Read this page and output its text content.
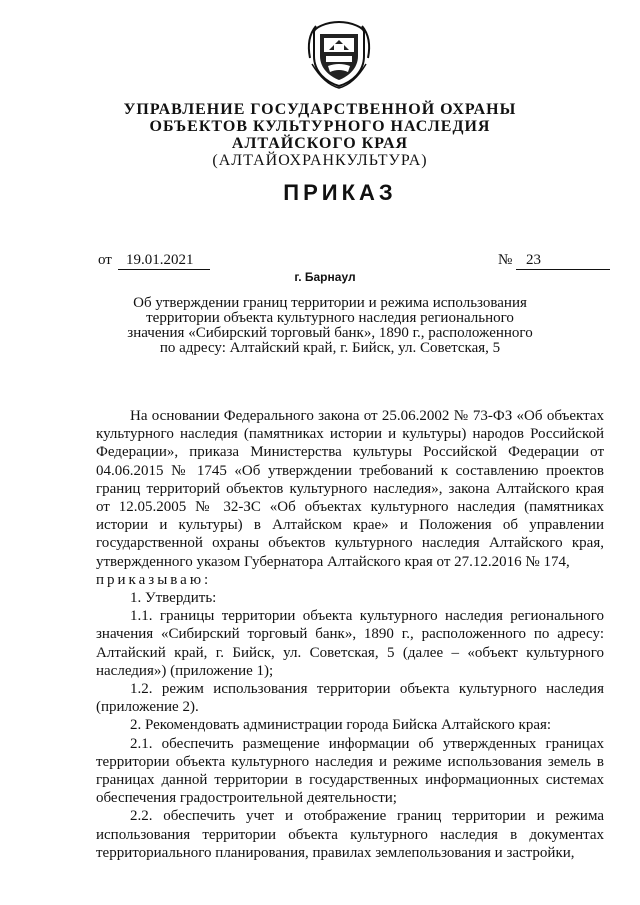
УПРАВЛЕНИЕ ГОСУДАРСТВЕННОЙ ОХРАНЫ
ОБЪЕКТОВ КУЛЬТУРНОГО НАСЛЕДИЯ
АЛТАЙСКОГО КРАЯ
(АЛТАЙОХРАНКУЛЬТУРА)
ПРИКАЗ
от 19.01.2021	№ 23
г. Барнаул
Об утверждении границ территории и режима использования
территории объекта культурного наследия регионального
значения «Сибирский торговый банк», 1890 г., расположенного
по адресу: Алтайский край, г. Бийск, ул. Советская, 5

На основании Федерального закона от 25.06.2002 № 73-ФЗ «Об объектах культурного наследия (памятниках истории и культуры) народов Российской Федерации», приказа Министерства культуры Российской Федерации от 04.06.2015 № 1745 «Об утверждении требований к составлению проектов границ территорий объектов культурного наследия», закона Алтайского края от 12.05.2005 № 32-ЗС «Об объектах культурного наследия (памятниках истории и культуры) в Алтайском крае» и Положения об управлении государственной охраны объектов культурного наследия Алтайского края, утвержденного указом Губернатора Алтайского края от 27.12.2016 № 174,

приказываю:

1. Утвердить:

1.1. границы территории объекта культурного наследия регионального значения «Сибирский торговый банк», 1890 г., расположенного по адресу: Алтайский край, г. Бийск, ул. Советская, 5 (далее – «объект культурного наследия») (приложение 1);

1.2. режим использования территории объекта культурного наследия (приложение 2).

2. Рекомендовать администрации города Бийска Алтайского края:

2.1. обеспечить размещение информации об утвержденных границах территории объекта культурного наследия и режиме использования земель в границах данной территории в государственных информационных системах обеспечения градостроительной деятельности;

2.2. обеспечить учет и отображение границ территории и режима использования территории объекта культурного наследия в документах территориального планирования, правилах землепользования и застройки,
